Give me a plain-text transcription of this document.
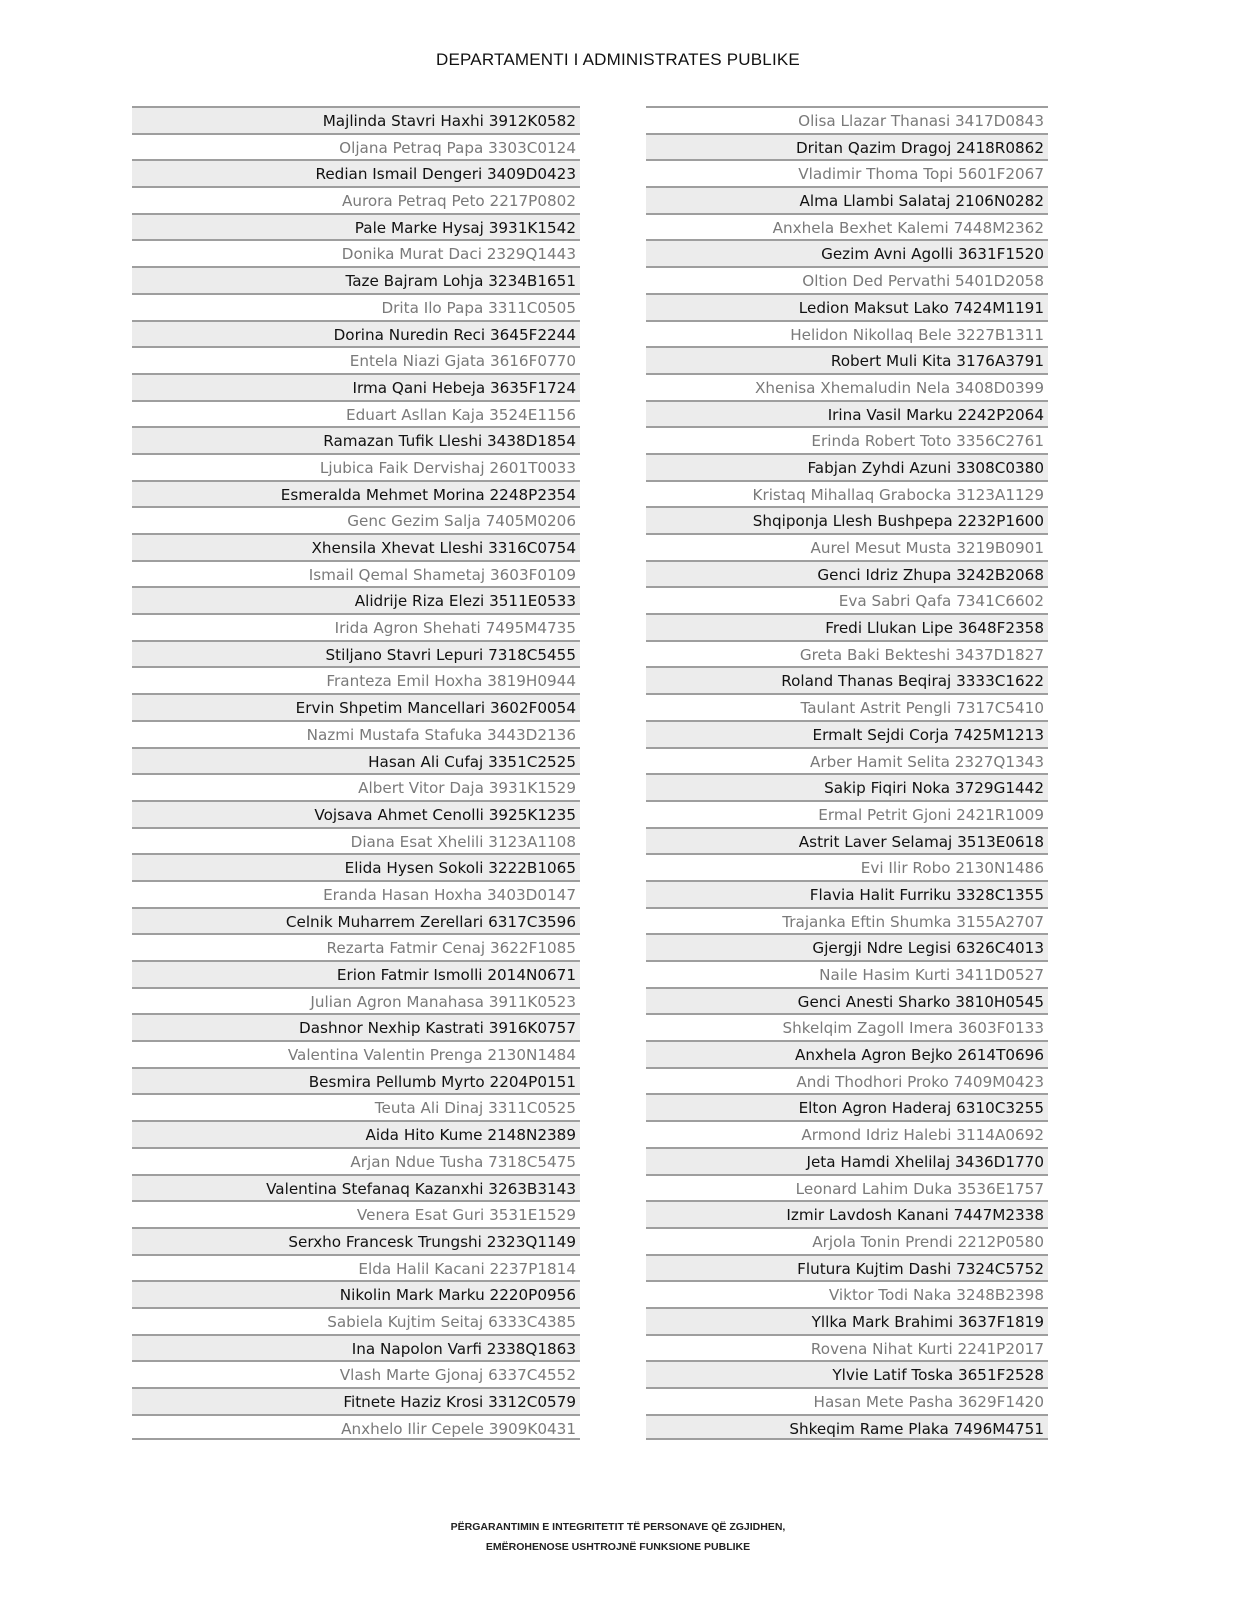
DEPARTAMENTI I ADMINISTRATES PUBLIKE
Majlinda Stavri Haxhi 3912K0582
Oljana Petraq Papa 3303C0124
Redian Ismail Dengeri 3409D0423
Aurora Petraq Peto 2217P0802
Pale Marke Hysaj 3931K1542
Donika Murat Daci 2329Q1443
Taze Bajram Lohja 3234B1651
Drita Ilo Papa 3311C0505
Dorina Nuredin Reci 3645F2244
Entela Niazi Gjata 3616F0770
Irma Qani Hebeja 3635F1724
Eduart Asllan Kaja 3524E1156
Ramazan Tufik Lleshi 3438D1854
Ljubica Faik Dervishaj 2601T0033
Esmeralda Mehmet Morina 2248P2354
Genc Gezim Salja 7405M0206
Xhensila Xhevat Lleshi 3316C0754
Ismail Qemal Shametaj 3603F0109
Alidrije Riza Elezi 3511E0533
Irida Agron Shehati 7495M4735
Stiljano Stavri Lepuri 7318C5455
Franteza Emil Hoxha 3819H0944
Ervin Shpetim Mancellari 3602F0054
Nazmi Mustafa Stafuka 3443D2136
Hasan Ali Cufaj 3351C2525
Albert Vitor Daja 3931K1529
Vojsava Ahmet Cenolli 3925K1235
Diana Esat Xhelili 3123A1108
Elida Hysen Sokoli 3222B1065
Eranda Hasan Hoxha 3403D0147
Celnik Muharrem Zerellari 6317C3596
Rezarta Fatmir Cenaj 3622F1085
Erion Fatmir Ismolli 2014N0671
Julian Agron Manahasa 3911K0523
Dashnor Nexhip Kastrati 3916K0757
Valentina Valentin Prenga 2130N1484
Besmira Pellumb Myrto 2204P0151
Teuta Ali Dinaj 3311C0525
Aida Hito Kume 2148N2389
Arjan Ndue Tusha 7318C5475
Valentina Stefanaq Kazanxhi 3263B3143
Venera Esat Guri 3531E1529
Serxho Francesk Trungshi 2323Q1149
Elda Halil Kacani 2237P1814
Nikolin Mark Marku 2220P0956
Sabiela Kujtim Seitaj 6333C4385
Ina Napolon Varfi 2338Q1863
Vlash Marte Gjonaj 6337C4552
Fitnete Haziz Krosi 3312C0579
Anxhelo Ilir Cepele 3909K0431
Olisa Llazar Thanasi 3417D0843
Dritan Qazim Dragoj 2418R0862
Vladimir Thoma Topi 5601F2067
Alma Llambi Salataj 2106N0282
Anxhela Bexhet Kalemi 7448M2362
Gezim Avni Agolli 3631F1520
Oltion Ded Pervathi 5401D2058
Ledion Maksut Lako 7424M1191
Helidon Nikollaq Bele 3227B1311
Robert Muli Kita 3176A3791
Xhenisa Xhemaludin Nela 3408D0399
Irina Vasil Marku 2242P2064
Erinda Robert Toto 3356C2761
Fabjan Zyhdi Azuni 3308C0380
Kristaq Mihallaq Grabocka 3123A1129
Shqiponja Llesh Bushpepa 2232P1600
Aurel Mesut Musta 3219B0901
Genci Idriz Zhupa 3242B2068
Eva Sabri Qafa 7341C6602
Fredi Llukan Lipe 3648F2358
Greta Baki Bekteshi 3437D1827
Roland Thanas Beqiraj 3333C1622
Taulant Astrit Pengli 7317C5410
Ermalt Sejdi Corja 7425M1213
Arber Hamit Selita 2327Q1343
Sakip Fiqiri Noka 3729G1442
Ermal Petrit Gjoni 2421R1009
Astrit Laver Selamaj 3513E0618
Evi Ilir Robo 2130N1486
Flavia Halit Furriku 3328C1355
Trajanka Eftin Shumka 3155A2707
Gjergji Ndre Legisi 6326C4013
Naile Hasim Kurti 3411D0527
Genci Anesti Sharko 3810H0545
Shkelqim Zagoll Imera 3603F0133
Anxhela Agron Bejko 2614T0696
Andi Thodhori Proko 7409M0423
Elton Agron Haderaj 6310C3255
Armond Idriz Halebi 3114A0692
Jeta Hamdi Xhelilaj 3436D1770
Leonard Lahim Duka 3536E1757
Izmir Lavdosh Kanani 7447M2338
Arjola Tonin Prendi 2212P0580
Flutura Kujtim Dashi 7324C5752
Viktor Todi Naka 3248B2398
Yllka Mark Brahimi 3637F1819
Rovena Nihat Kurti 2241P2017
Ylvie Latif Toska 3651F2528
Hasan Mete Pasha 3629F1420
Shkeqim Rame Plaka 7496M4751
PËRGARANTIMIN E INTEGRITETIT TË PERSONAVE QË ZGJIDHEN,
EMËROHENOSE USHTROJNË FUNKSIONE PUBLIKE
